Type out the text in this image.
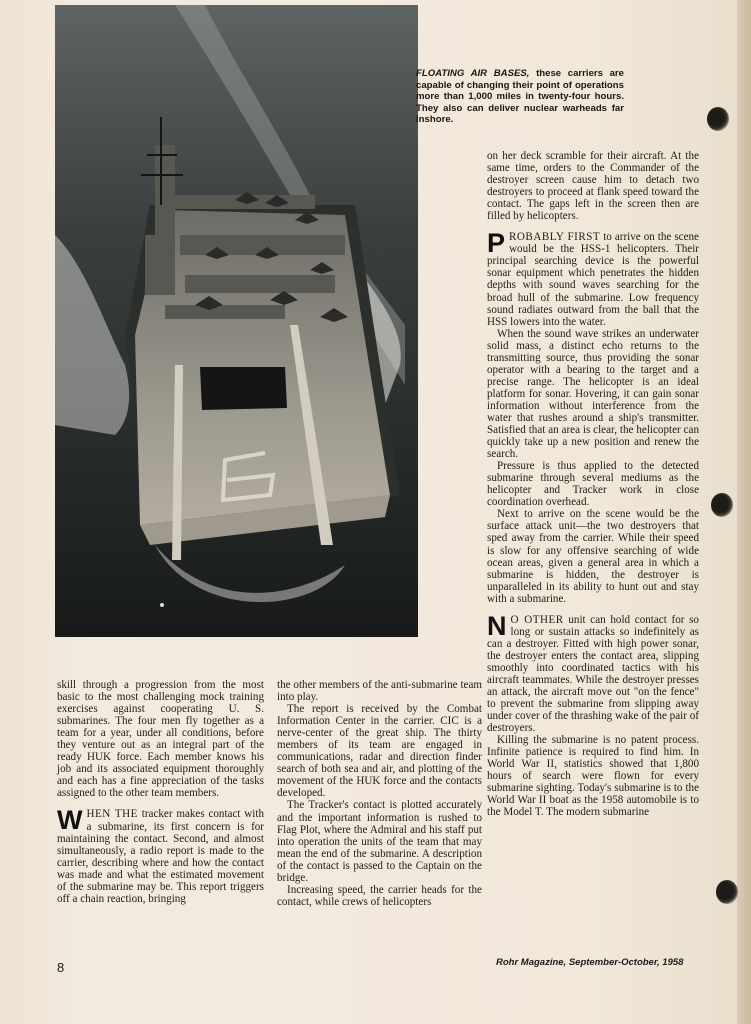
FLOATING AIR BASES, these carriers are capable of changing their point of operations more than 1,000 miles in twenty-four hours. They also can deliver nuclear warheads far inshore.

skill through a progression from the most basic to the most challenging mock training exercises against cooperating U. S. submarines. The four men fly together as a team for a year, under all conditions, before they venture out as an integral part of the ready HUK force. Each member knows his job and its associated equipment thoroughly and each has a fine appreciation of the tasks assigned to the other team members.

WHEN THE tracker makes contact with a submarine, its first concern is for maintaining the contact. Second, and almost simultaneously, a radio report is made to the carrier, describing where and how the contact was made and what the estimated movement of the submarine may be. This report triggers off a chain reaction, bringing

the other members of the anti-submarine team into play.

The report is received by the Combat Information Center in the carrier. CIC is a nerve-center of the great ship. The thirty members of its team are engaged in communications, radar and direction finder search of both sea and air, and plotting of the movement of the HUK force and the contacts developed.

The Tracker's contact is plotted accurately and the important information is rushed to Flag Plot, where the Admiral and his staff put into operation the units of the team that may mean the end of the submarine. A description of the contact is passed to the Captain on the bridge.

Increasing speed, the carrier heads for the contact, while crews of helicopters

on her deck scramble for their aircraft. At the same time, orders to the Commander of the destroyer screen cause him to detach two destroyers to proceed at flank speed toward the contact. The gaps left in the screen then are filled by helicopters.

PROBABLY FIRST to arrive on the scene would be the HSS-1 helicopters. Their principal searching device is the powerful sonar equipment which penetrates the hidden depths with sound waves searching for the broad hull of the submarine. Low frequency sound radiates outward from the ball that the HSS lowers into the water.

When the sound wave strikes an underwater solid mass, a distinct echo returns to the transmitting source, thus providing the sonar operator with a bearing to the target and a precise range. The helicopter is an ideal platform for sonar. Hovering, it can gain sonar information without interference from the water that rushes around a ship's transmitter. Satisfied that an area is clear, the helicopter can quickly take up a new position and renew the search.

Pressure is thus applied to the detected submarine through several mediums as the helicopter and Tracker work in close coordination overhead.

Next to arrive on the scene would be the surface attack unit—the two destroyers that sped away from the carrier. While their speed is slow for any offensive searching of wide ocean areas, given a general area in which a submarine is hidden, the destroyer is unparalleled in its ability to hunt out and stay with a submarine.

N O OTHER unit can hold contact for so long or sustain attacks so indefinitely as can a destroyer. Fitted with high power sonar, the destroyer enters the contact area, slipping smoothly into coordinated tactics with his aircraft teammates. While the destroyer presses an attack, the aircraft move out "on the fence" to prevent the submarine from slipping away under cover of the thrashing wake of the pair of destroyers.

Killing the submarine is no patent process. Infinite patience is required to find him. In World War II, statistics showed that 1,800 hours of search were flown for every submarine sighting. Today's submarine is to the World War II boat as the 1958 automobile is to the Model T. The modern submarine

8	Rohr Magazine, September-October, 1958
